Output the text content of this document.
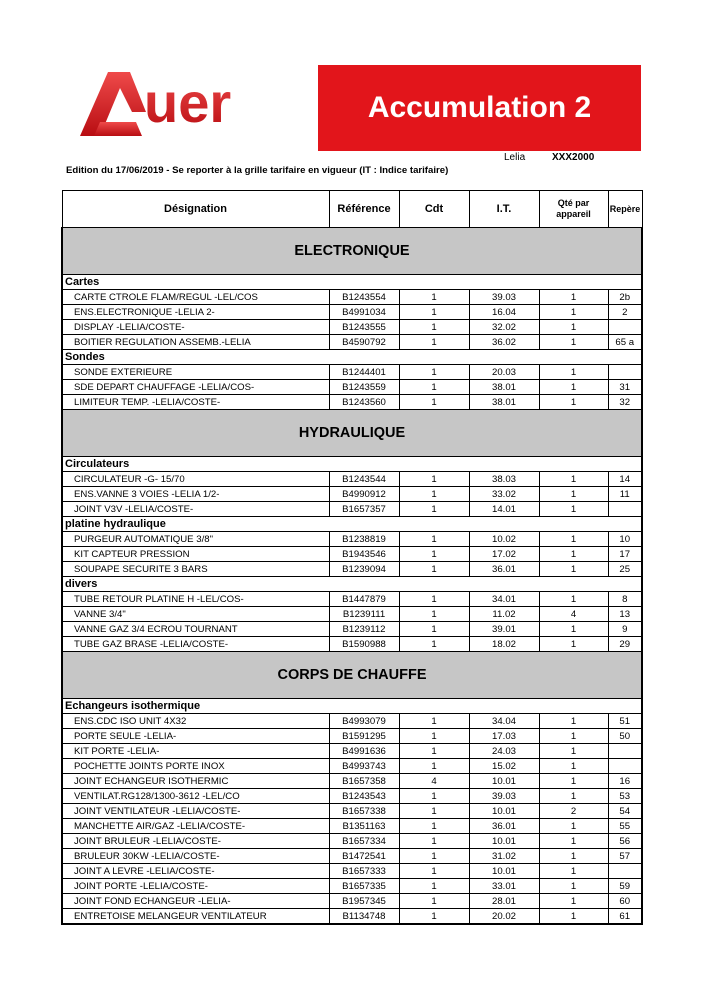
uer	Accumulation 2
Lelia	XXX2000
Edition du 17/06/2019 - Se reporter à la grille tarifaire en vigueur (IT : Indice tarifaire)
Désignation	Référence	Cdt	I.T.	Qté par appareil	Repère
ELECTRONIQUE					
Cartes					
CARTE CTROLE FLAM/REGUL -LEL/COS	B1243554	1	39.03	1	2b
ENS.ELECTRONIQUE -LELIA 2-	B4991034	1	16.04	1	2
DISPLAY -LELIA/COSTE-	B1243555	1	32.02	1	
BOITIER REGULATION ASSEMB.-LELIA	B4590792	1	36.02	1	65 a
Sondes					
SONDE EXTERIEURE	B1244401	1	20.03	1	
SDE DEPART CHAUFFAGE -LELIA/COS-	B1243559	1	38.01	1	31
LIMITEUR TEMP. -LELIA/COSTE-	B1243560	1	38.01	1	32
HYDRAULIQUE					
Circulateurs					
CIRCULATEUR -G- 15/70	B1243544	1	38.03	1	14
ENS.VANNE 3 VOIES -LELIA 1/2-	B4990912	1	33.02	1	11
JOINT V3V -LELIA/COSTE-	B1657357	1	14.01	1	
platine hydraulique					
PURGEUR AUTOMATIQUE 3/8"	B1238819	1	10.02	1	10
KIT CAPTEUR PRESSION	B1943546	1	17.02	1	17
SOUPAPE SECURITE 3 BARS	B1239094	1	36.01	1	25
divers					
TUBE RETOUR PLATINE H -LEL/COS-	B1447879	1	34.01	1	8
VANNE 3/4"	B1239111	1	11.02	4	13
VANNE GAZ 3/4 ECROU TOURNANT	B1239112	1	39.01	1	9
TUBE GAZ BRASE -LELIA/COSTE-	B1590988	1	18.02	1	29
CORPS DE CHAUFFE					
Echangeurs isothermique					
ENS.CDC ISO UNIT 4X32	B4993079	1	34.04	1	51
PORTE SEULE -LELIA-	B1591295	1	17.03	1	50
KIT PORTE -LELIA-	B4991636	1	24.03	1	
POCHETTE JOINTS PORTE INOX	B4993743	1	15.02	1	
JOINT ECHANGEUR ISOTHERMIC	B1657358	4	10.01	1	16
VENTILAT.RG128/1300-3612 -LEL/CO	B1243543	1	39.03	1	53
JOINT VENTILATEUR -LELIA/COSTE-	B1657338	1	10.01	2	54
MANCHETTE AIR/GAZ -LELIA/COSTE-	B1351163	1	36.01	1	55
JOINT BRULEUR -LELIA/COSTE-	B1657334	1	10.01	1	56
BRULEUR 30KW -LELIA/COSTE-	B1472541	1	31.02	1	57
JOINT A LEVRE -LELIA/COSTE-	B1657333	1	10.01	1	
JOINT PORTE -LELIA/COSTE-	B1657335	1	33.01	1	59
JOINT FOND ECHANGEUR -LELIA-	B1957345	1	28.01	1	60
ENTRETOISE MELANGEUR VENTILATEUR	B1134748	1	20.02	1	61
